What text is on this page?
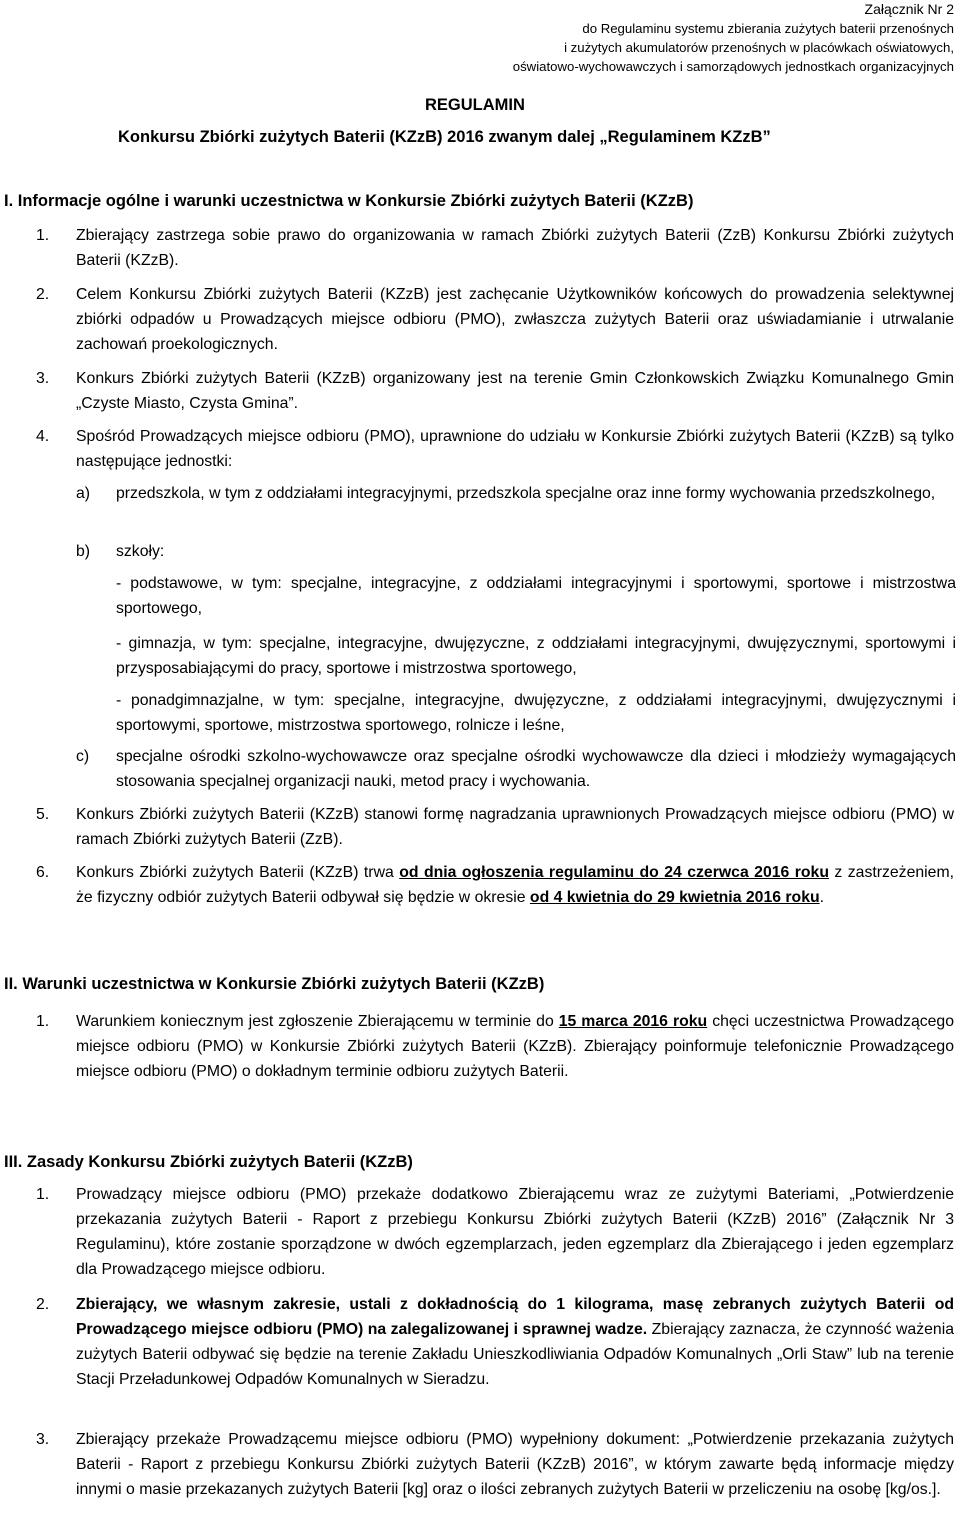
Załącznik Nr 2
do Regulaminu systemu zbierania zużytych baterii przenośnych
i zużytych akumulatorów przenośnych w placówkach oświatowych,
oświatowo-wychowawczych i samorządowych jednostkach organizacyjnych
REGULAMIN
Konkursu Zbiórki zużytych Baterii (KZzB) 2016 zwanym dalej „Regulaminem KZzB”
I. Informacje ogólne i warunki uczestnictwa w Konkursie Zbiórki zużytych Baterii (KZzB)
1. Zbierający zastrzega sobie prawo do organizowania w ramach Zbiórki zużytych Baterii (ZzB) Konkursu Zbiórki zużytych Baterii (KZzB).
2. Celem Konkursu Zbiórki zużytych Baterii (KZzB) jest zachęcanie Użytkowników końcowych do prowadzenia selektywnej zbiórki odpadów u Prowadzących miejsce odbioru (PMO), zwłaszcza zużytych Baterii oraz uświadamianie i utrwalanie zachowań proekologicznych.
3. Konkurs Zbiórki zużytych Baterii (KZzB) organizowany jest na terenie Gmin Członkowskich Związku Komunalnego Gmin „Czyste Miasto, Czysta Gmina”.
4. Spośród Prowadzących miejsce odbioru (PMO), uprawnione do udziału w Konkursie Zbiórki zużytych Baterii (KZzB) są tylko następujące jednostki:
a) przedszkola, w tym z oddziałami integracyjnymi, przedszkola specjalne oraz inne formy wychowania przedszkolnego,
b) szkoły:
- podstawowe, w tym: specjalne, integracyjne, z oddziałami integracyjnymi i sportowymi, sportowe i mistrzostwa sportowego,
- gimnazja, w tym: specjalne, integracyjne, dwujęzyczne, z oddziałami integracyjnymi, dwujęzycznymi, sportowymi i przysposabiającymi do pracy, sportowe i mistrzostwa sportowego,
- ponadgimnazjalne, w tym: specjalne, integracyjne, dwujęzyczne, z oddziałami integracyjnymi, dwujęzycznymi i sportowymi, sportowe, mistrzostwa sportowego, rolnicze i leśne,
c) specjalne ośrodki szkolno-wychowawcze oraz specjalne ośrodki wychowawcze dla dzieci i młodzieży wymagających stosowania specjalnej organizacji nauki, metod pracy i wychowania.
5. Konkurs Zbiórki zużytych Baterii (KZzB) stanowi formę nagradzania uprawnionych Prowadzących miejsce odbioru (PMO) w ramach Zbiórki zużytych Baterii (ZzB).
6. Konkurs Zbiórki zużytych Baterii (KZzB) trwa od dnia ogłoszenia regulaminu do 24 czerwca 2016 roku z zastrzeżeniem, że fizyczny odbiór zużytych Baterii odbywał się będzie w okresie od 4 kwietnia do 29 kwietnia 2016 roku.
II. Warunki uczestnictwa w Konkursie Zbiórki zużytych Baterii (KZzB)
1. Warunkiem koniecznym jest zgłoszenie Zbierającemu w terminie do 15 marca 2016 roku chęci uczestnictwa Prowadzącego miejsce odbioru (PMO) w Konkursie Zbiórki zużytych Baterii (KZzB). Zbierający poinformuje telefonicznie Prowadzącego miejsce odbioru (PMO) o dokładnym terminie odbioru zużytych Baterii.
III. Zasady Konkursu Zbiórki zużytych Baterii (KZzB)
1. Prowadzący miejsce odbioru (PMO) przekaże dodatkowo Zbierającemu wraz ze zużytymi Bateriami, „Potwierdzenie przekazania zużytych Baterii - Raport z przebiegu Konkursu Zbiórki zużytych Baterii (KZzB) 2016” (Załącznik Nr 3 Regulaminu), które zostanie sporządzone w dwóch egzemplarzach, jeden egzemplarz dla Zbierającego i jeden egzemplarz dla Prowadzącego miejsce odbioru.
2. Zbierający, we własnym zakresie, ustali z dokładnością do 1 kilograma, masę zebranych zużytych Baterii od Prowadzącego miejsce odbioru (PMO) na zalegalizowanej i sprawnej wadze. Zbierający zaznacza, że czynność ważenia zużytych Baterii odbywać się będzie na terenie Zakładu Unieszkodliwiania Odpadów Komunalnych „Orli Staw” lub na terenie Stacji Przeładunkowej Odpadów Komunalnych w Sieradzu.
3. Zbierający przekaże Prowadzącemu miejsce odbioru (PMO) wypełniony dokument: „Potwierdzenie przekazania zużytych Baterii - Raport z przebiegu Konkursu Zbiórki zużytych Baterii (KZzB) 2016”, w którym zawarte będą informacje między innymi o masie przekazanych zużytych Baterii [kg] oraz o ilości zebranych zużytych Baterii w przeliczeniu na osobę [kg/os.].
